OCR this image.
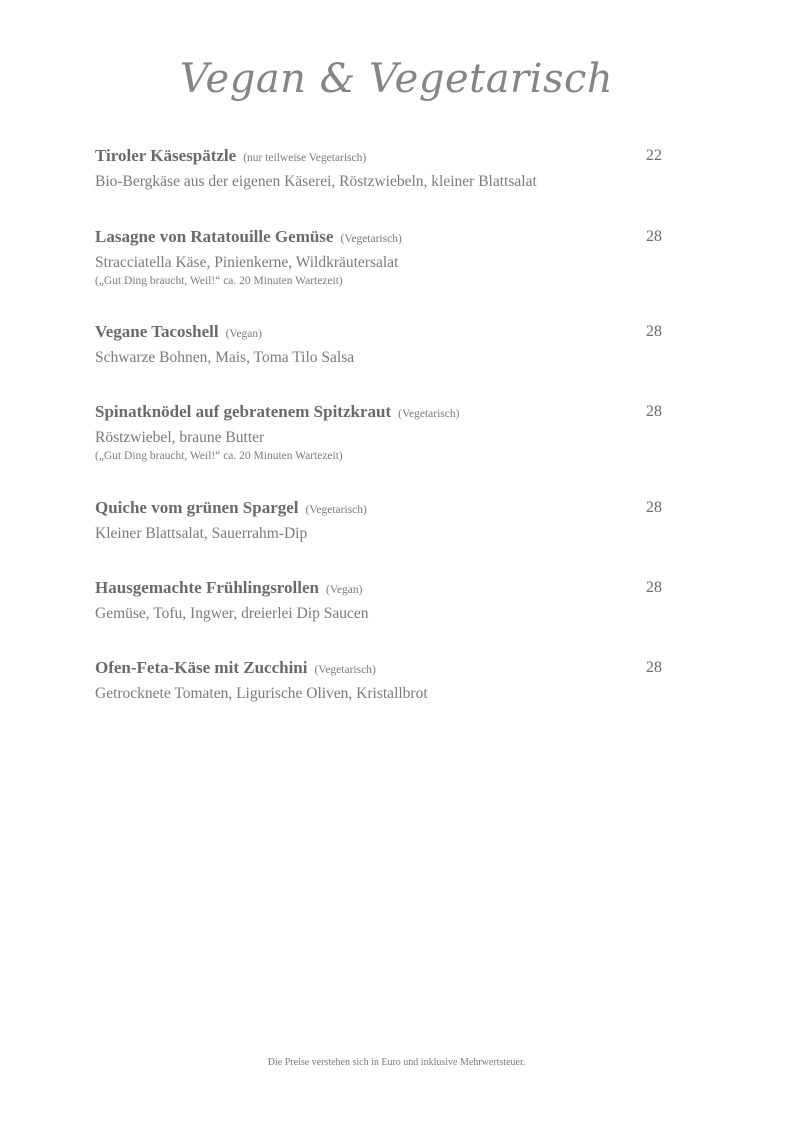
Vegan & Vegetarisch
Tiroler Käsespätzle (nur teilweise Vegetarisch)	22
Bio-Bergkäse aus der eigenen Käserei, Röstzwiebeln, kleiner Blattsalat
Lasagne von Ratatouille Gemüse (Vegetarisch)	28
Stracciatella Käse, Pinienkerne, Wildkräutersalat
(„Gut Ding braucht, Weil!“ ca. 20 Minuten Wartezeit)
Vegane Tacoshell (Vegan)	28
Schwarze Bohnen, Mais, Toma Tilo Salsa
Spinatknödel auf gebratenem Spitzkraut (Vegetarisch)	28
Röstzwiebel, braune Butter
(„Gut Ding braucht, Weil!“ ca. 20 Minuten Wartezeit)
Quiche vom grünen Spargel (Vegetarisch)	28
Kleiner Blattsalat, Sauerrahm-Dip
Hausgemachte Frühlingsrollen (Vegan)	28
Gemüse, Tofu, Ingwer, dreierlei Dip Saucen
Ofen-Feta-Käse mit Zucchini (Vegetarisch)	28
Getrocknete Tomaten, Ligurische Oliven, Kristallbrot
Die Preise verstehen sich in Euro und inklusive Mehrwertsteuer.
